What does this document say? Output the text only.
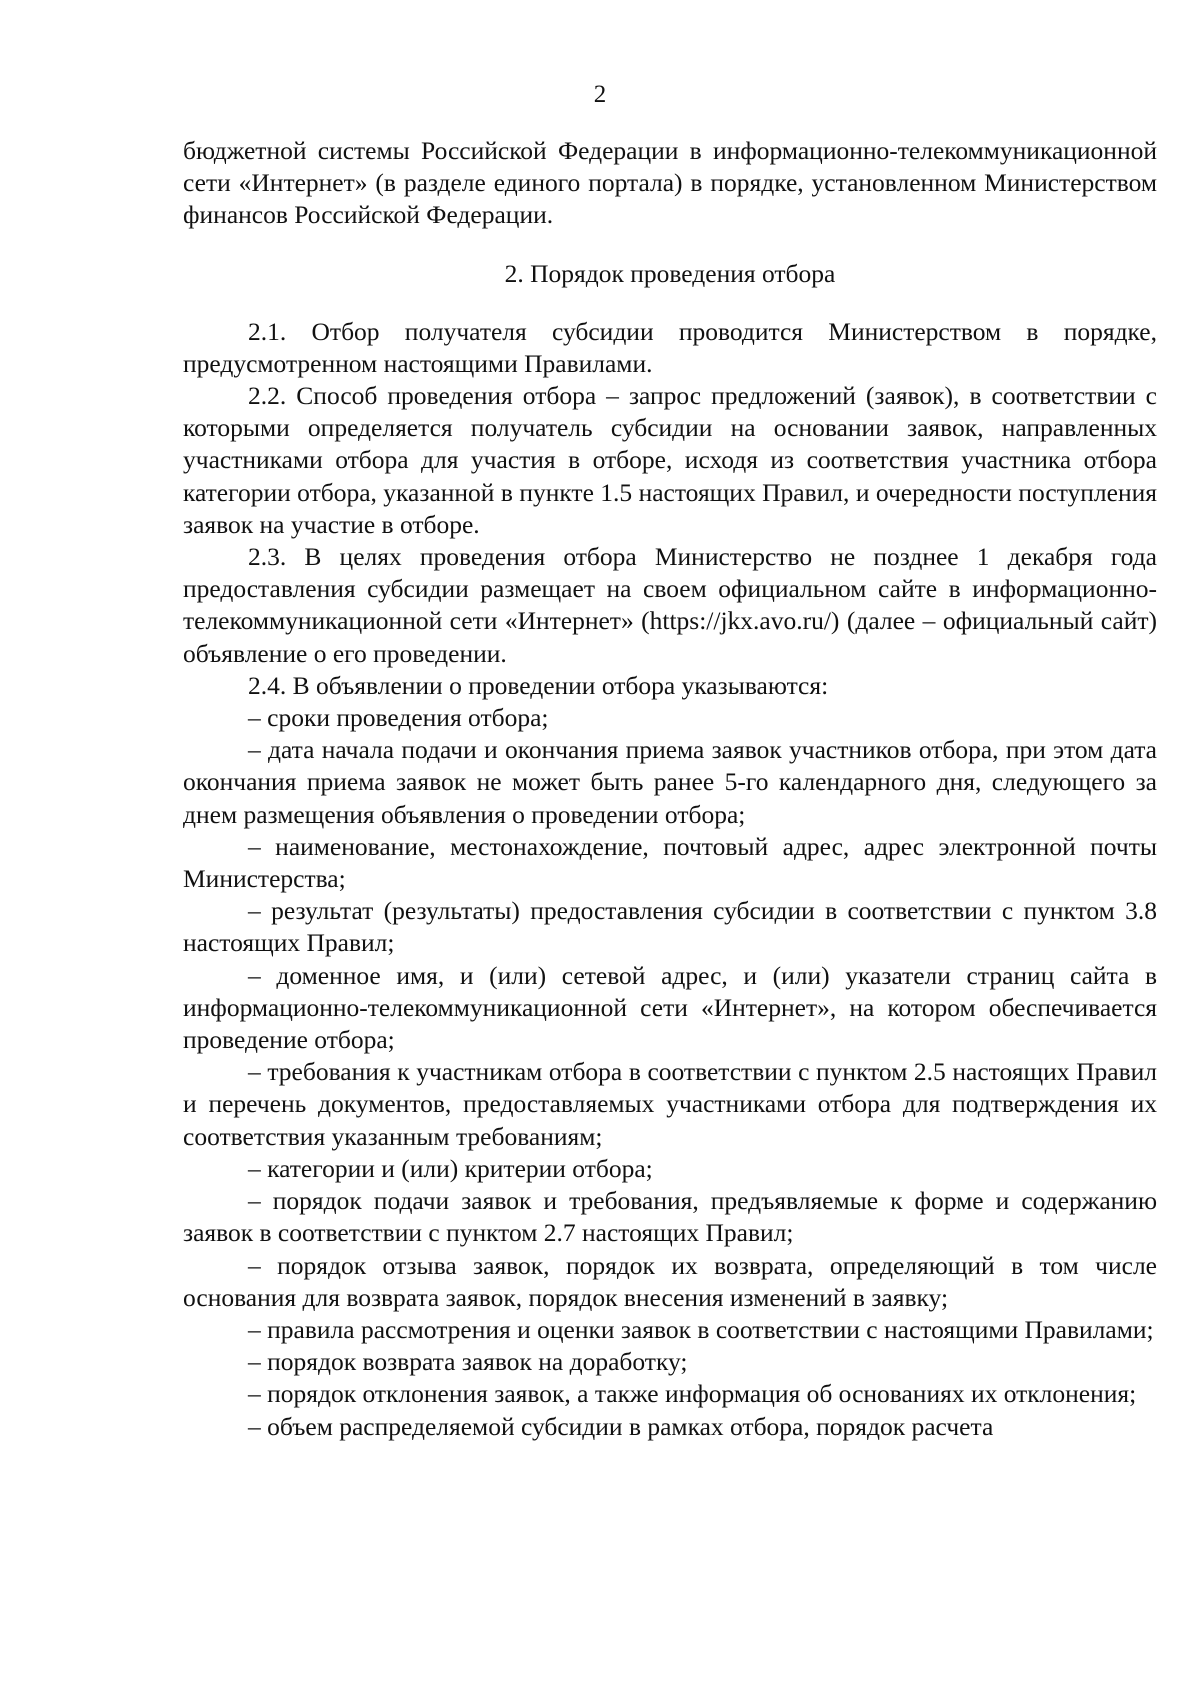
2

бюджетной системы Российской Федерации в информационно-телекоммуникационной сети «Интернет» (в разделе единого портала) в порядке, установленном Министерством финансов Российской Федерации.

2. Порядок проведения отбора

2.1. Отбор получателя субсидии проводится Министерством в порядке, предусмотренном настоящими Правилами.

2.2. Способ проведения отбора – запрос предложений (заявок), в соответствии с которыми определяется получатель субсидии на основании заявок, направленных участниками отбора для участия в отборе, исходя из соответствия участника отбора категории отбора, указанной в пункте 1.5 настоящих Правил, и очередности поступления заявок на участие в отборе.

2.3. В целях проведения отбора Министерство не позднее 1 декабря года предоставления субсидии размещает на своем официальном сайте в информационно-телекоммуникационной сети «Интернет» (https://jkx.avo.ru/) (далее – официальный сайт) объявление о его проведении.

2.4. В объявлении о проведении отбора указываются:

– сроки проведения отбора;

– дата начала подачи и окончания приема заявок участников отбора, при этом дата окончания приема заявок не может быть ранее 5-го календарного дня, следующего за днем размещения объявления о проведении отбора;

– наименование, местонахождение, почтовый адрес, адрес электронной почты Министерства;

– результат (результаты) предоставления субсидии в соответствии с пунктом 3.8 настоящих Правил;

– доменное имя, и (или) сетевой адрес, и (или) указатели страниц сайта в информационно-телекоммуникационной сети «Интернет», на котором обеспечивается проведение отбора;

– требования к участникам отбора в соответствии с пунктом 2.5 настоящих Правил и перечень документов, предоставляемых участниками отбора для подтверждения их соответствия указанным требованиям;

– категории и (или) критерии отбора;

– порядок подачи заявок и требования, предъявляемые к форме и содержанию заявок в соответствии с пунктом 2.7 настоящих Правил;

– порядок отзыва заявок, порядок их возврата, определяющий в том числе основания для возврата заявок, порядок внесения изменений в заявку;

– правила рассмотрения и оценки заявок в соответствии с настоящими Правилами;

– порядок возврата заявок на доработку;

– порядок отклонения заявок, а также информация об основаниях их отклонения;

– объем распределяемой субсидии в рамках отбора, порядок расчета
